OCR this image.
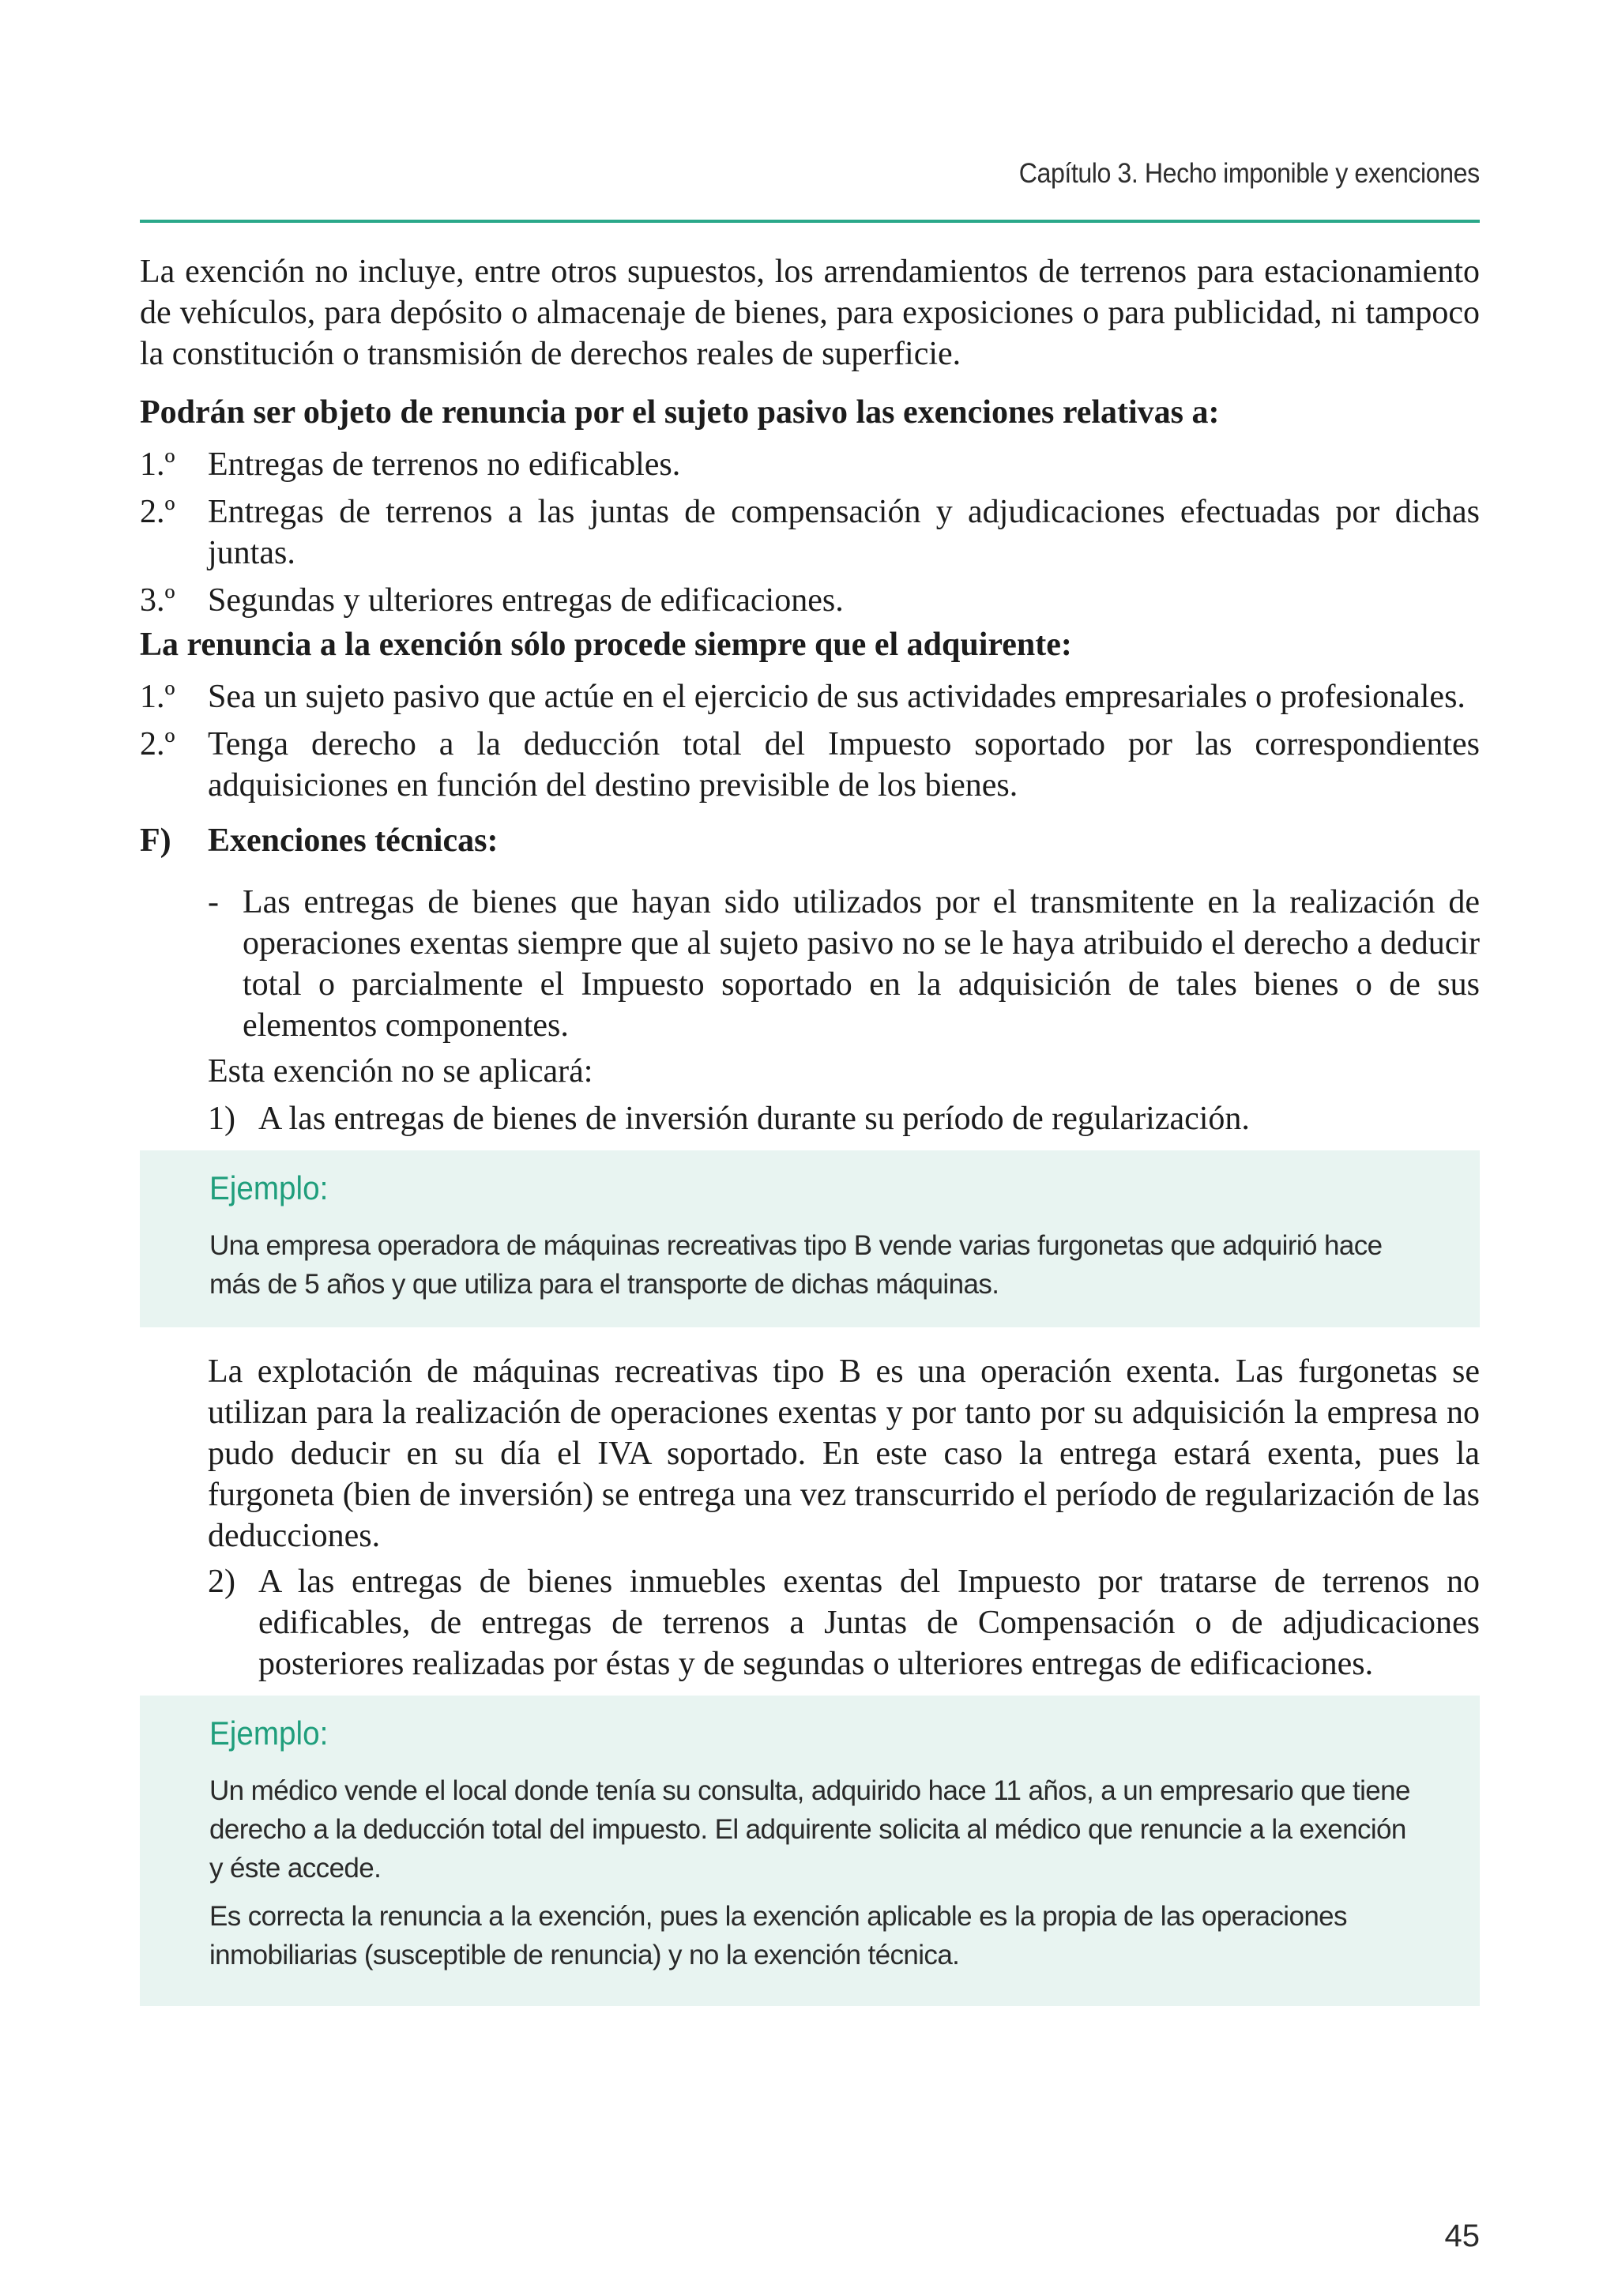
Capítulo 3. Hecho imponible y exenciones

La exención no incluye, entre otros supuestos, los arrendamientos de terrenos para estacionamiento de vehículos, para depósito o almacenaje de bienes, para exposiciones o para publicidad, ni tampoco la constitución o transmisión de derechos reales de superficie.

Podrán ser objeto de renuncia por el sujeto pasivo las exenciones relativas a:

1.º Entregas de terrenos no edificables.
2.º Entregas de terrenos a las juntas de compensación y adjudicaciones efectuadas por dichas juntas.
3.º Segundas y ulteriores entregas de edificaciones.

La renuncia a la exención sólo procede siempre que el adquirente:

1.º Sea un sujeto pasivo que actúe en el ejercicio de sus actividades empresariales o profesionales.
2.º Tenga derecho a la deducción total del Impuesto soportado por las correspondientes adquisiciones en función del destino previsible de los bienes.
F)	Exenciones técnicas:
- Las entregas de bienes que hayan sido utilizados por el transmitente en la realización de operaciones exentas siempre que al sujeto pasivo no se le haya atribuido el derecho a deducir total o parcialmente el Impuesto soportado en la adquisición de tales bienes o de sus elementos componentes.

Esta exención no se aplicará:

1) A las entregas de bienes de inversión durante su período de regularización.
Ejemplo:

Una empresa operadora de máquinas recreativas tipo B vende varias furgonetas que adquirió hace más de 5 años y que utiliza para el transporte de dichas máquinas.

La explotación de máquinas recreativas tipo B es una operación exenta. Las furgonetas se utilizan para la realización de operaciones exentas y por tanto por su adquisición la empresa no pudo deducir en su día el IVA soportado. En este caso la entrega estará exenta, pues la furgoneta (bien de inversión) se entrega una vez transcurrido el período de regularización de las deducciones.

2) A las entregas de bienes inmuebles exentas del Impuesto por tratarse de terrenos no edificables, de entregas de terrenos a Juntas de Compensación o de adjudicaciones posteriores realizadas por éstas y de segundas o ulteriores entregas de edificaciones.
Ejemplo:

Un médico vende el local donde tenía su consulta, adquirido hace 11 años, a un empresario que tiene derecho a la deducción total del impuesto. El adquirente solicita al médico que renuncie a la exención y éste accede.

Es correcta la renuncia a la exención, pues la exención aplicable es la propia de las operaciones inmobiliarias (susceptible de renuncia) y no la exención técnica.

45
